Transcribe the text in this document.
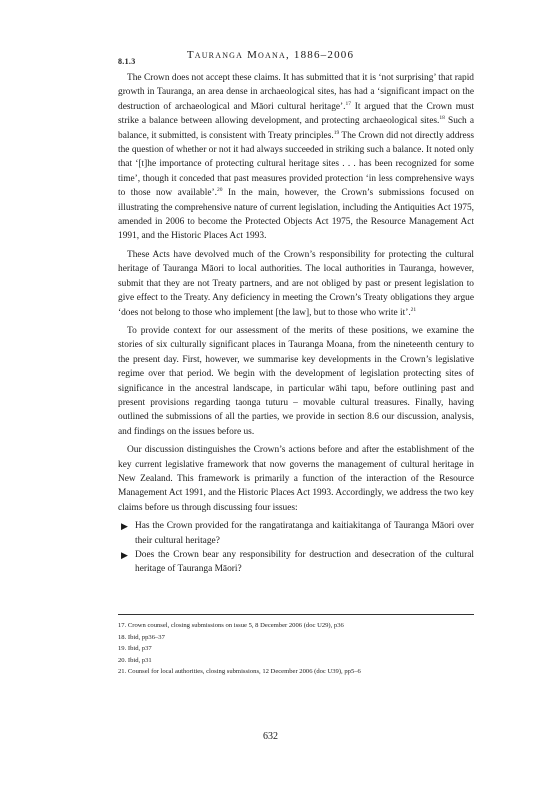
8.1.3
Tauranga Moana, 1886–2006

The Crown does not accept these claims. It has submitted that it is ‘not surprising’ that rapid growth in Tauranga, an area dense in archaeological sites, has had a ‘significant impact on the destruction of archaeological and Māori cultural heritage’.$^{17}$ It argued that the Crown must strike a balance between allowing development, and protecting archaeological sites.$^{18}$ Such a balance, it submitted, is consistent with Treaty principles.$^{19}$ The Crown did not directly address the question of whether or not it had always succeeded in striking such a balance. It noted only that ‘[t]he importance of protecting cultural heritage sites . . . has been recognized for some time’, though it conceded that past measures provided protection ‘in less comprehensive ways to those now available’.$^{20}$ In the main, however, the Crown’s submissions focused on illustrating the comprehensive nature of current legislation, including the Antiquities Act 1975, amended in 2006 to become the Protected Objects Act 1975, the Resource Management Act 1991, and the Historic Places Act 1993.

These Acts have devolved much of the Crown’s responsibility for protecting the cultural heritage of Tauranga Māori to local authorities. The local authorities in Tauranga, however, submit that they are not Treaty partners, and are not obliged by past or present legislation to give effect to the Treaty. Any deficiency in meeting the Crown’s Treaty obligations they argue ‘does not belong to those who implement [the law], but to those who write it’.$^{21}$

To provide context for our assessment of the merits of these positions, we examine the stories of six culturally significant places in Tauranga Moana, from the nineteenth century to the present day. First, however, we summarise key developments in the Crown’s legislative regime over that period. We begin with the development of legislation protecting sites of significance in the ancestral landscape, in particular wāhi tapu, before outlining past and present provisions regarding taonga tuturu – movable cultural treasures. Finally, having outlined the submissions of all the parties, we provide in section 8.6 our discussion, analysis, and findings on the issues before us.

Our discussion distinguishes the Crown’s actions before and after the establishment of the key current legislative framework that now governs the management of cultural heritage in New Zealand. This framework is primarily a function of the interaction of the Resource Management Act 1991, and the Historic Places Act 1993. Accordingly, we address the two key claims before us through discussing four issues:

▶ Has the Crown provided for the rangatiratanga and kaitiakitanga of Tauranga Māori over their cultural heritage?
▶ Does the Crown bear any responsibility for destruction and desecration of the cultural heritage of Tauranga Māori?
17. Crown counsel, closing submissions on issue 5, 8 December 2006 (doc U29), p36
18. Ibid, pp36–37
19. Ibid, p37
20. Ibid, p31
21. Counsel for local authorities, closing submissions, 12 December 2006 (doc U39), pp5–6
632
